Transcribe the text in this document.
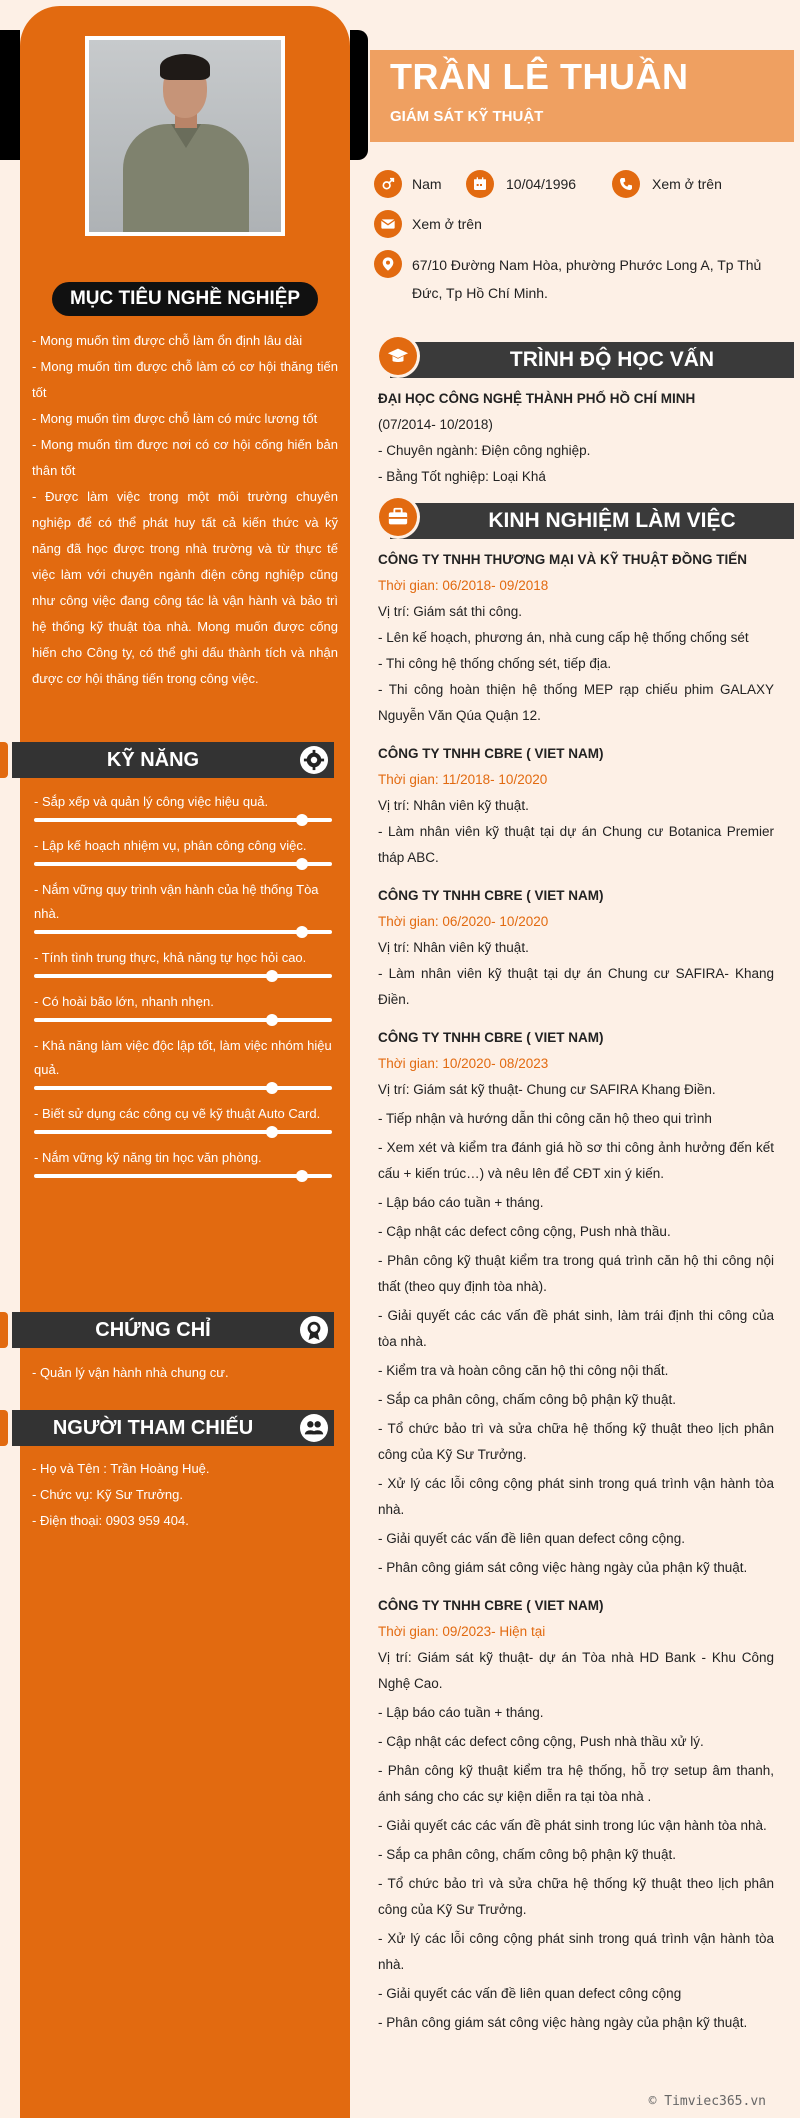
MỤC TIÊU NGHỀ NGHIỆP

- Mong muốn tìm được chỗ làm ổn định lâu dài

- Mong muốn tìm được chỗ làm có cơ hội thăng tiến tốt

- Mong muốn tìm được chỗ làm có mức lương tốt

- Mong muốn tìm được nơi có cơ hội cống hiến bản thân tốt

- Được làm việc trong một môi trường chuyên nghiệp để có thể phát huy tất cả kiến thức và kỹ năng đã học được trong nhà trường và từ thực tế việc làm với chuyên ngành điện công nghiệp cũng như công việc đang công tác là vận hành và bảo trì hệ thống kỹ thuật tòa nhà. Mong muốn được cống hiến cho Công ty, có thể ghi dấu thành tích và nhận được cơ hội thăng tiến trong công việc.

KỸ NĂNG
- Sắp xếp và quản lý công việc hiệu quả.
- Lập kế hoạch nhiệm vụ, phân công công việc.
- Nắm vững quy trình vận hành của hệ thống Tòa nhà.
- Tính tình trung thực, khả năng tự học hỏi cao.
- Có hoài bão lớn, nhanh nhẹn.
- Khả năng làm việc độc lập tốt, làm việc nhóm hiệu quả.
- Biết sử dụng các công cụ vẽ kỹ thuật Auto Card.
- Nắm vững kỹ năng tin học văn phòng.
CHỨNG CHỈ

- Quản lý vận hành nhà chung cư.

NGƯỜI THAM CHIẾU

- Họ và Tên : Trần Hoàng Huệ.

- Chức vụ: Kỹ Sư Trưởng.

- Điện thoại: 0903 959 404.

TRẦN LÊ THUẦN
GIÁM SÁT KỸ THUẬT
Nam	10/04/1996	Xem ở trên
Xem ở trên
67/10 Đường Nam Hòa, phường Phước Long A, Tp Thủ Đức, Tp Hồ Chí Minh.
TRÌNH ĐỘ HỌC VẤN

ĐẠI HỌC CÔNG NGHỆ THÀNH PHỐ HỒ CHÍ MINH

(07/2014- 10/2018)

- Chuyên ngành: Điện công nghiệp.

- Bằng Tốt nghiệp: Loại Khá

KINH NGHIỆM LÀM VIỆC

CÔNG TY TNHH THƯƠNG MẠI VÀ KỸ THUẬT ĐỒNG TIẾN

Thời gian: 06/2018- 09/2018

Vị trí: Giám sát thi công.

- Lên kế hoạch, phương án, nhà cung cấp hệ thống chống sét

- Thi công hệ thống chống sét, tiếp địa.

- Thi công hoàn thiện hệ thống MEP rạp chiếu phim GALAXY Nguyễn Văn Qúa Quận 12.

CÔNG TY TNHH CBRE ( VIET NAM)

Thời gian: 11/2018- 10/2020

Vị trí: Nhân viên kỹ thuật.

- Làm nhân viên kỹ thuật tại dự án Chung cư Botanica Premier tháp ABC.

CÔNG TY TNHH CBRE ( VIET NAM)

Thời gian: 06/2020- 10/2020

Vị trí: Nhân viên kỹ thuật.

- Làm nhân viên kỹ thuật tại dự án Chung cư SAFIRA- Khang Điền.

CÔNG TY TNHH CBRE ( VIET NAM)

Thời gian: 10/2020- 08/2023

Vị trí: Giám sát kỹ thuật- Chung cư SAFIRA Khang Điền.

- Tiếp nhận và hướng dẫn thi công căn hộ theo qui trình

- Xem xét và kiểm tra đánh giá hồ sơ thi công ảnh hưởng đến kết cấu + kiến trúc…) và nêu lên để CĐT xin ý kiến.

- Lập báo cáo tuần + tháng.

- Cập nhật các defect công cộng, Push nhà thầu.

- Phân công kỹ thuật kiểm tra trong quá trình căn hộ thi công nội thất (theo quy định tòa nhà).

- Giải quyết các các vấn đề phát sinh, làm trái định thi công của tòa nhà.

- Kiểm tra và hoàn công căn hộ thi công nội thất.

- Sắp ca phân công, chấm công bộ phận kỹ thuật.

- Tổ chức bảo trì và sửa chữa hệ thống kỹ thuật theo lịch phân công của Kỹ Sư Trưởng.

- Xử lý các lỗi công cộng phát sinh trong quá trình vận hành tòa nhà.

- Giải quyết các vấn đề liên quan defect công cộng.

- Phân công giám sát công việc hàng ngày của phận kỹ thuật.

CÔNG TY TNHH CBRE ( VIET NAM)

Thời gian: 09/2023- Hiện tại

Vị trí: Giám sát kỹ thuật- dự án Tòa nhà HD Bank - Khu Công Nghệ Cao.

- Lập báo cáo tuần + tháng.

- Cập nhật các defect công cộng, Push nhà thầu xử lý.

- Phân công kỹ thuật kiểm tra hệ thống, hỗ trợ setup âm thanh, ánh sáng cho các sự kiện diễn ra tại tòa nhà .

- Giải quyết các các vấn đề phát sinh trong lúc vận hành tòa nhà.

- Sắp ca phân công, chấm công bộ phận kỹ thuật.

- Tổ chức bảo trì và sửa chữa hệ thống kỹ thuật theo lịch phân công của Kỹ Sư Trưởng.

- Xử lý các lỗi công cộng phát sinh trong quá trình vận hành tòa nhà.

- Giải quyết các vấn đề liên quan defect công cộng

- Phân công giám sát công việc hàng ngày của phận kỹ thuật.

© Timviec365.vn
